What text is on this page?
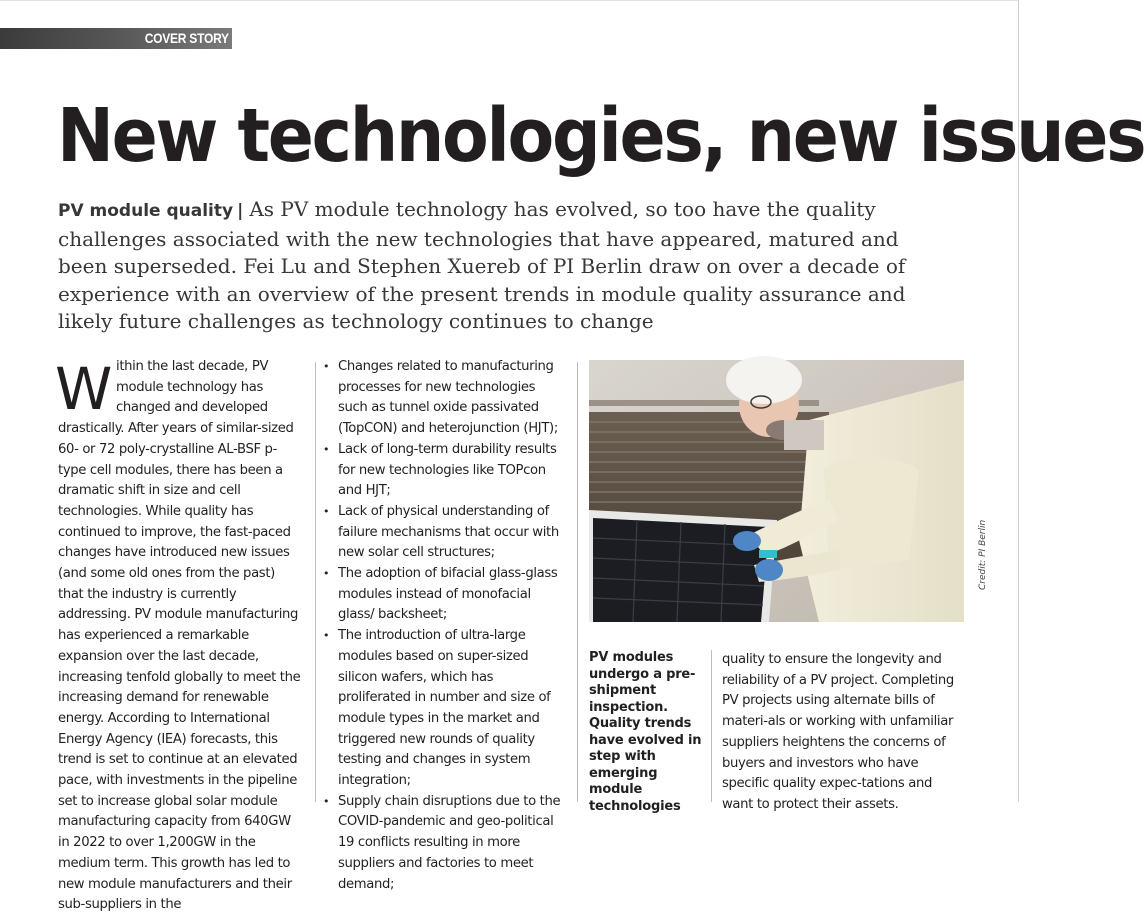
COVER STORY
New technologies, new issues

PV module quality | As PV module technology has evolved, so too have the quality challenges associated with the new technologies that have appeared, matured and been superseded. Fei Lu and Stephen Xuereb of PI Berlin draw on over a decade of experience with an overview of the present trends in module quality assurance and likely future challenges as technology continues to change

Within the last decade, PV module technology has changed and developed drastically. After years of similar-sized 60- or 72 poly-crystalline AL-BSF p-type cell modules, there has been a dramatic shift in size and cell technologies. While quality has continued to improve, the fast-paced changes have introduced new issues (and some old ones from the past) that the industry is currently addressing. PV module manufacturing has experienced a remarkable expansion over the last decade, increasing tenfold globally to meet the increasing demand for renewable energy. According to International Energy Agency (IEA) forecasts, this trend is set to continue at an elevated pace, with investments in the pipeline set to increase global solar module manufacturing capacity from 640GW in 2022 to over 1,200GW in the medium term. This growth has led to new module manufacturers and their sub-suppliers in the
• Changes related to manufacturing processes for new technologies such as tunnel oxide passivated (TopCON) and heterojunction (HJT);
• Lack of long-term durability results for new technologies like TOPcon and HJT;
• Lack of physical understanding of failure mechanisms that occur with new solar cell structures;
• The adoption of bifacial glass-glass modules instead of monofacial glass/ backsheet;
• The introduction of ultra-large modules based on super-sized silicon wafers, which has proliferated in number and size of module types in the market and triggered new rounds of quality testing and changes in system integration;
• Supply chain disruptions due to the COVID-pandemic and geo-political 19 conflicts resulting in more suppliers and factories to meet demand;
Credit: PI Berlin

PV modules undergo a pre-shipment inspection. Quality trends have evolved in step with emerging module technologies

quality to ensure the longevity and reliability of a PV project. Completing PV projects using alternate bills of materi-als or working with unfamiliar suppliers heightens the concerns of buyers and investors who have specific quality expec-tations and want to protect their assets.
